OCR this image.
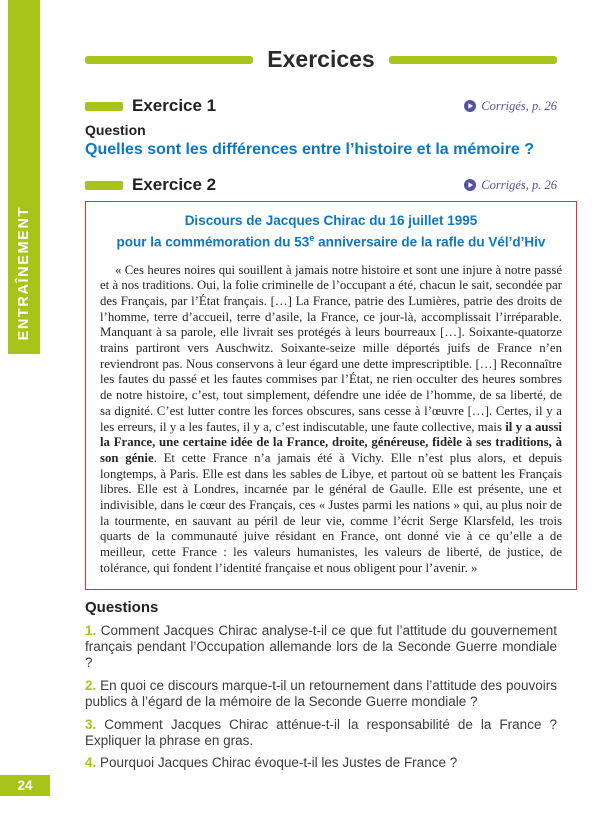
ENTRAÎNEMENT
24
Exercices
Exercice 1	Corrigés, p. 26
Question
Quelles sont les différences entre l’histoire et la mémoire ?
Exercice 2	Corrigés, p. 26
Discours de Jacques Chirac du 16 juillet 1995
pour la commémoration du 53e anniversaire de la rafle du Vél’d’Hiv

« Ces heures noires qui souillent à jamais notre histoire et sont une injure à notre passé et à nos traditions. Oui, la folie criminelle de l’occupant a été, chacun le sait, secondée par des Français, par l’État français. […] La France, patrie des Lumières, patrie des droits de l’homme, terre d’accueil, terre d’asile, la France, ce jour-là, accomplissait l’irréparable. Manquant à sa parole, elle livrait ses protégés à leurs bourreaux […]. Soixante-quatorze trains partiront vers Auschwitz. Soixante-seize mille déportés juifs de France n’en reviendront pas. Nous conservons à leur égard une dette imprescriptible. […] Reconnaître les fautes du passé et les fautes commises par l’État, ne rien occulter des heures sombres de notre histoire, c’est, tout simplement, défendre une idée de l’homme, de sa liberté, de sa dignité. C’est lutter contre les forces obscures, sans cesse à l’œuvre […]. Certes, il y a les erreurs, il y a les fautes, il y a, c’est indiscutable, une faute collective, mais il y a aussi la France, une certaine idée de la France, droite, généreuse, fidèle à ses traditions, à son génie. Et cette France n’a jamais été à Vichy. Elle n’est plus alors, et depuis longtemps, à Paris. Elle est dans les sables de Libye, et partout où se battent les Français libres. Elle est à Londres, incarnée par le général de Gaulle. Elle est présente, une et indivisible, dans le cœur des Français, ces « Justes parmi les nations » qui, au plus noir de la tourmente, en sauvant au péril de leur vie, comme l’écrit Serge Klarsfeld, les trois quarts de la communauté juive résidant en France, ont donné vie à ce qu’elle a de meilleur, cette France : les valeurs humanistes, les valeurs de liberté, de justice, de tolérance, qui fondent l’identité française et nous obligent pour l’avenir. »

Questions

1. Comment Jacques Chirac analyse-t-il ce que fut l’attitude du gouvernement français pendant l’Occupation allemande lors de la Seconde Guerre mondiale ?

2. En quoi ce discours marque-t-il un retournement dans l’attitude des pouvoirs publics à l’égard de la mémoire de la Seconde Guerre mondiale ?

3. Comment Jacques Chirac atténue-t-il la responsabilité de la France ? Expliquer la phrase en gras.

4. Pourquoi Jacques Chirac évoque-t-il les Justes de France ?
